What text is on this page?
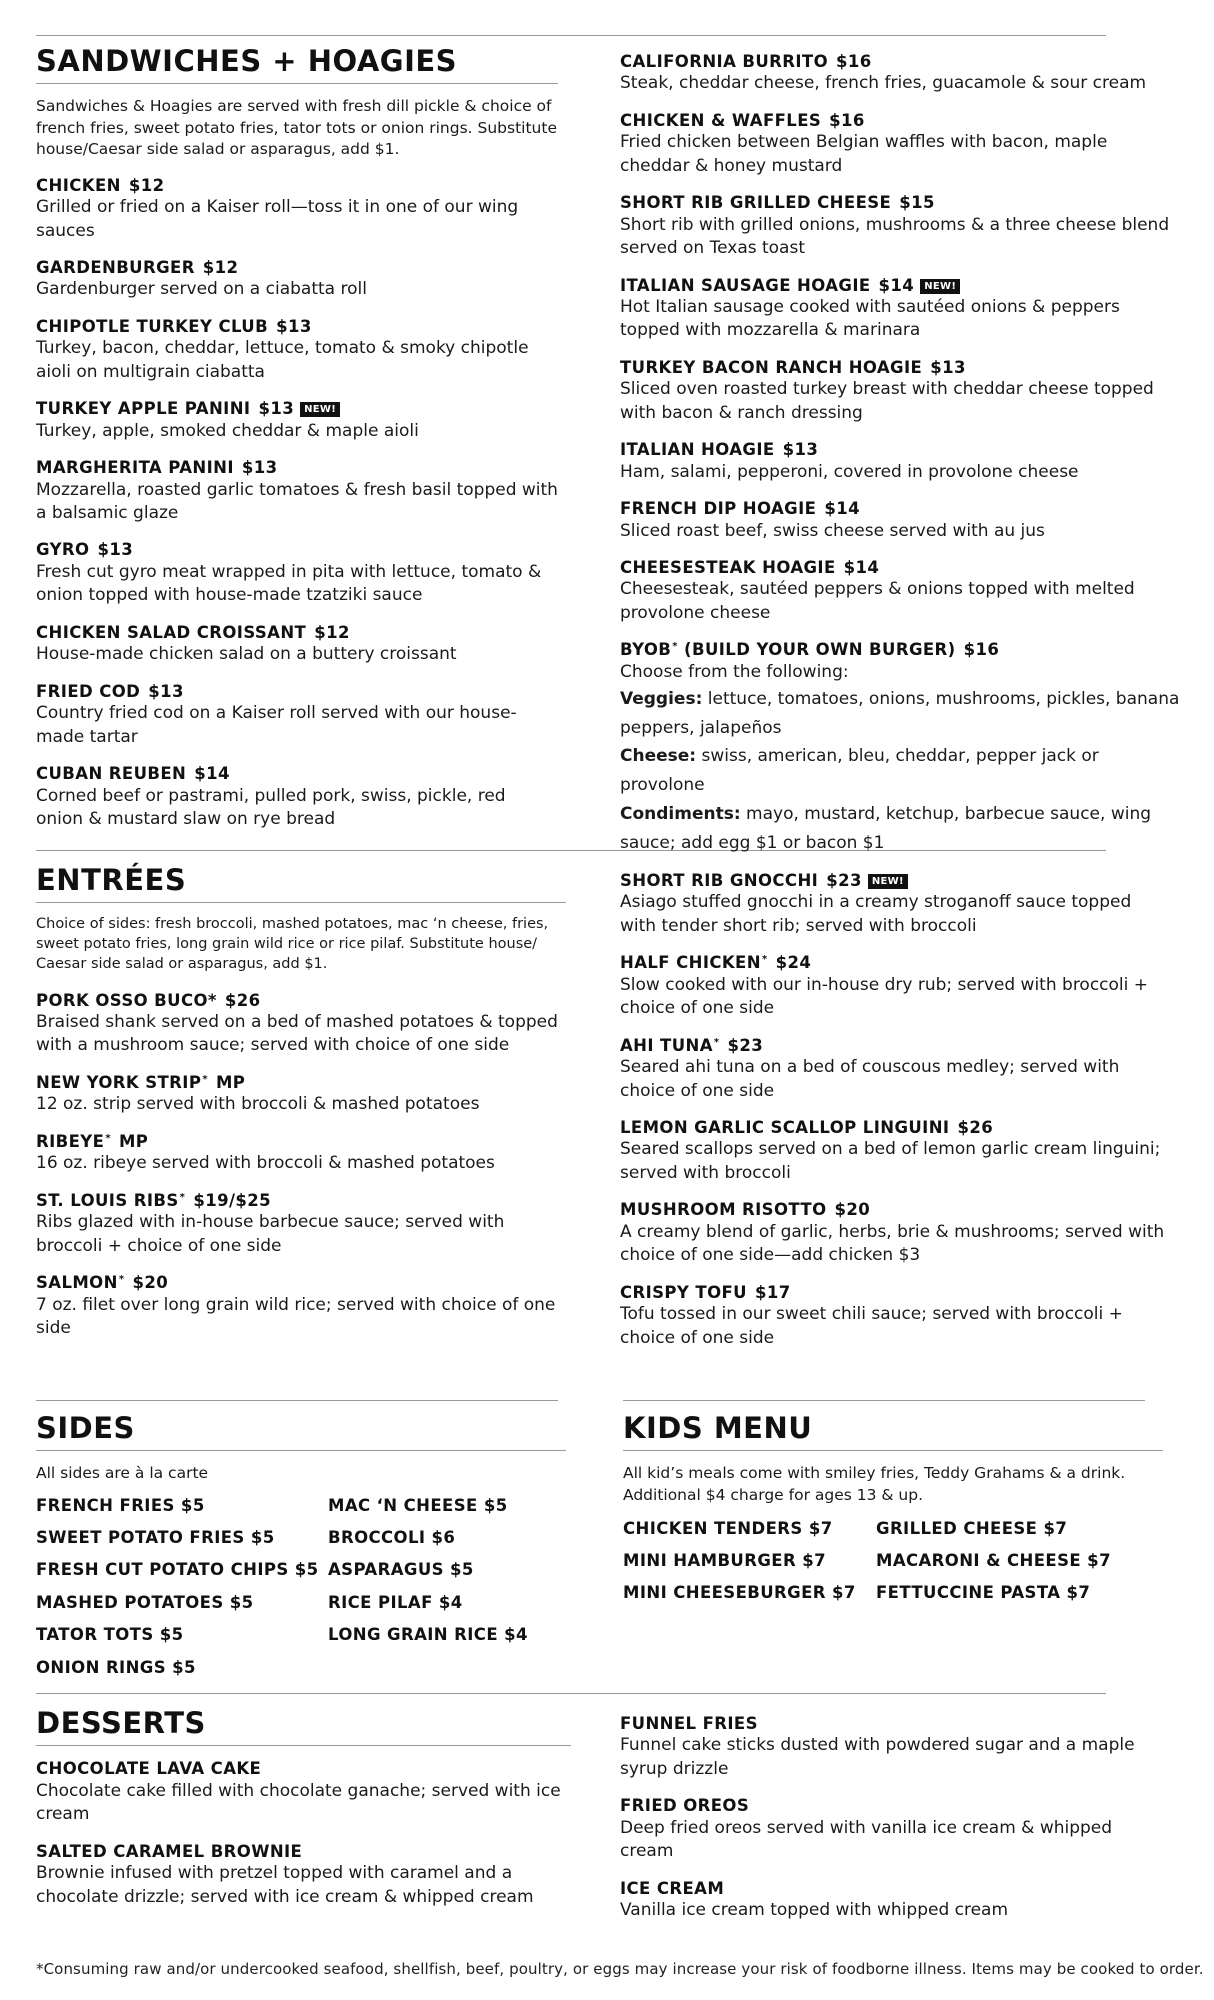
SANDWICHES + HOAGIES
Sandwiches & Hoagies are served with fresh dill pickle & choice of french fries, sweet potato fries, tator tots or onion rings. Substitute house/Caesar side salad or asparagus, add $1.
CHICKEN $12
Grilled or fried on a Kaiser roll—toss it in one of our wing sauces
GARDENBURGER $12
Gardenburger served on a ciabatta roll
CHIPOTLE TURKEY CLUB $13
Turkey, bacon, cheddar, lettuce, tomato & smoky chipotle aioli on multigrain ciabatta
TURKEY APPLE PANINI $13 NEW!
Turkey, apple, smoked cheddar & maple aioli
MARGHERITA PANINI $13
Mozzarella, roasted garlic tomatoes & fresh basil topped with a balsamic glaze
GYRO $13
Fresh cut gyro meat wrapped in pita with lettuce, tomato & onion topped with house-made tzatziki sauce
CHICKEN SALAD CROISSANT $12
House-made chicken salad on a buttery croissant
FRIED COD $13
Country fried cod on a Kaiser roll served with our house-made tartar
CUBAN REUBEN $14
Corned beef or pastrami, pulled pork, swiss, pickle, red onion & mustard slaw on rye bread
CALIFORNIA BURRITO $16
Steak, cheddar cheese, french fries, guacamole & sour cream
CHICKEN & WAFFLES $16
Fried chicken between Belgian waffles with bacon, maple cheddar & honey mustard
SHORT RIB GRILLED CHEESE $15
Short rib with grilled onions, mushrooms & a three cheese blend served on Texas toast
ITALIAN SAUSAGE HOAGIE $14 NEW!
Hot Italian sausage cooked with sautéed onions & peppers topped with mozzarella & marinara
TURKEY BACON RANCH HOAGIE $13
Sliced oven roasted turkey breast with cheddar cheese topped with bacon & ranch dressing
ITALIAN HOAGIE $13
Ham, salami, pepperoni, covered in provolone cheese
FRENCH DIP HOAGIE $14
Sliced roast beef, swiss cheese served with au jus
CHEESESTEAK HOAGIE $14
Cheesesteak, sautéed peppers & onions topped with melted provolone cheese
BYOB* (BUILD YOUR OWN BURGER) $16
Choose from the following:
Veggies: lettuce, tomatoes, onions, mushrooms, pickles, banana peppers, jalapeños
Cheese: swiss, american, bleu, cheddar, pepper jack or provolone
Condiments: mayo, mustard, ketchup, barbecue sauce, wing sauce; add egg $1 or bacon $1
ENTRÉES
Choice of sides: fresh broccoli, mashed potatoes, mac ‘n cheese, fries, sweet potato fries, long grain wild rice or rice pilaf. Substitute house/ Caesar side salad or asparagus, add $1.
PORK OSSO BUCO* $26
Braised shank served on a bed of mashed potatoes & topped with a mushroom sauce; served with choice of one side
NEW YORK STRIP* MP
12 oz. strip served with broccoli & mashed potatoes
RIBEYE* MP
16 oz. ribeye served with broccoli & mashed potatoes
ST. LOUIS RIBS* $19/$25
Ribs glazed with in-house barbecue sauce; served with broccoli + choice of one side
SALMON* $20
7 oz. filet over long grain wild rice; served with choice of one side
SHORT RIB GNOCCHI $23 NEW!
Asiago stuffed gnocchi in a creamy stroganoff sauce topped with tender short rib; served with broccoli
HALF CHICKEN* $24
Slow cooked with our in-house dry rub; served with broccoli + choice of one side
AHI TUNA* $23
Seared ahi tuna on a bed of couscous medley; served with choice of one side
LEMON GARLIC SCALLOP LINGUINI $26
Seared scallops served on a bed of lemon garlic cream linguini; served with broccoli
MUSHROOM RISOTTO $20
A creamy blend of garlic, herbs, brie & mushrooms; served with choice of one side—add chicken $3
CRISPY TOFU $17
Tofu tossed in our sweet chili sauce; served with broccoli + choice of one side
SIDES
All sides are à la carte
FRENCH FRIES $5	MAC ‘N CHEESE $5
SWEET POTATO FRIES $5	BROCCOLI $6
FRESH CUT POTATO CHIPS $5 ASPARAGUS $5
MASHED POTATOES $5	RICE PILAF $4
TATOR TOTS $5	LONG GRAIN RICE $4
ONION RINGS $5
KIDS MENU
All kid’s meals come with smiley fries, Teddy Grahams & a drink. Additional $4 charge for ages 13 & up.
CHICKEN TENDERS $7	GRILLED CHEESE $7
MINI HAMBURGER $7	MACARONI & CHEESE $7
MINI CHEESEBURGER $7	FETTUCCINE PASTA $7
DESSERTS
CHOCOLATE LAVA CAKE
Chocolate cake filled with chocolate ganache; served with ice cream
SALTED CARAMEL BROWNIE
Brownie infused with pretzel topped with caramel and a chocolate drizzle; served with ice cream & whipped cream
FUNNEL FRIES
Funnel cake sticks dusted with powdered sugar and a maple syrup drizzle
FRIED OREOS
Deep fried oreos served with vanilla ice cream & whipped cream
ICE CREAM
Vanilla ice cream topped with whipped cream
*Consuming raw and/or undercooked seafood, shellfish, beef, poultry, or eggs may increase your risk of foodborne illness. Items may be cooked to order.
